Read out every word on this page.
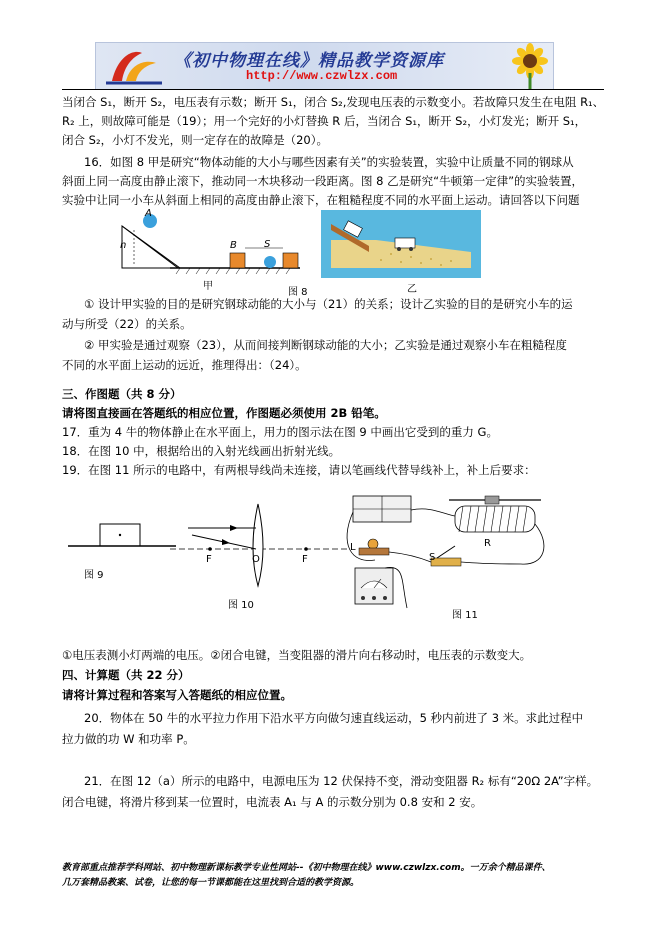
《初中物理在线》精品教学资源库
http://www.czwlzx.com
当闭合 S₁，断开 S₂，电压表有示数；断开 S₁，闭合 S₂,发现电压表的示数变小。若故障只发生在电阻 R₁、
R₂ 上，则故障可能是（19）；用一个完好的小灯替换 R 后，当闭合 S₁，断开 S₂，小灯发光；断开 S₁，
闭合 S₂，小灯不发光，则一定存在的故障是（20）。
16．如图 8 甲是研究“物体动能的大小与哪些因素有关”的实验装置，实验中让质量不同的钢球从
斜面上同一高度由静止滚下，推动同一木块移动一段距离。图 8 乙是研究“牛顿第一定律”的实验装置，
实验中让同一小车从斜面上相同的高度由静止滚下，在粗糙程度不同的水平面上运动。请回答以下问题
A
h	B	S
甲
图 8	乙
① 设计甲实验的目的是研究钢球动能的大小与（21）的关系；设计乙实验的目的是研究小车的运
动与所受（22）的关系。
② 甲实验是通过观察（23），从而间接判断钢球动能的大小；乙实验是通过观察小车在粗糙程度
不同的水平面上运动的远近，推理得出：（24）。
三、作图题（共 8 分）
请将图直接画在答题纸的相应位置，作图题必须使用 2B 铅笔。
17．重为 4 牛的物体静止在水平面上，用力的图示法在图 9 中画出它受到的重力 G。
18．在图 10 中，根据给出的入射光线画出折射光线。
19．在图 11 所示的电路中，有两根导线尚未连接，请以笔画线代替导线补上，补上后要求：
图 9
F	O	F
图 10
L
S
R
图 11
①电压表测小灯两端的电压。②闭合电键，当变阻器的滑片向右移动时，电压表的示数变大。
四、计算题（共 22 分）
请将计算过程和答案写入答题纸的相应位置。
20．物体在 50 牛的水平拉力作用下沿水平方向做匀速直线运动，5 秒内前进了 3 米。求此过程中
拉力做的功 W 和功率 P。
21．在图 12（a）所示的电路中，电源电压为 12 伏保持不变，滑动变阻器 R₂ 标有“20Ω 2A”字样。
闭合电键，将滑片移到某一位置时，电流表 A₁ 与 A 的示数分别为 0.8 安和 2 安。
教育部重点推荐学科网站、初中物理新课标教学专业性网站--《初中物理在线》www.czwlzx.com。一万余个精品课件、
几万套精品教案、试卷，让您的每一节课都能在这里找到合适的教学资源。
